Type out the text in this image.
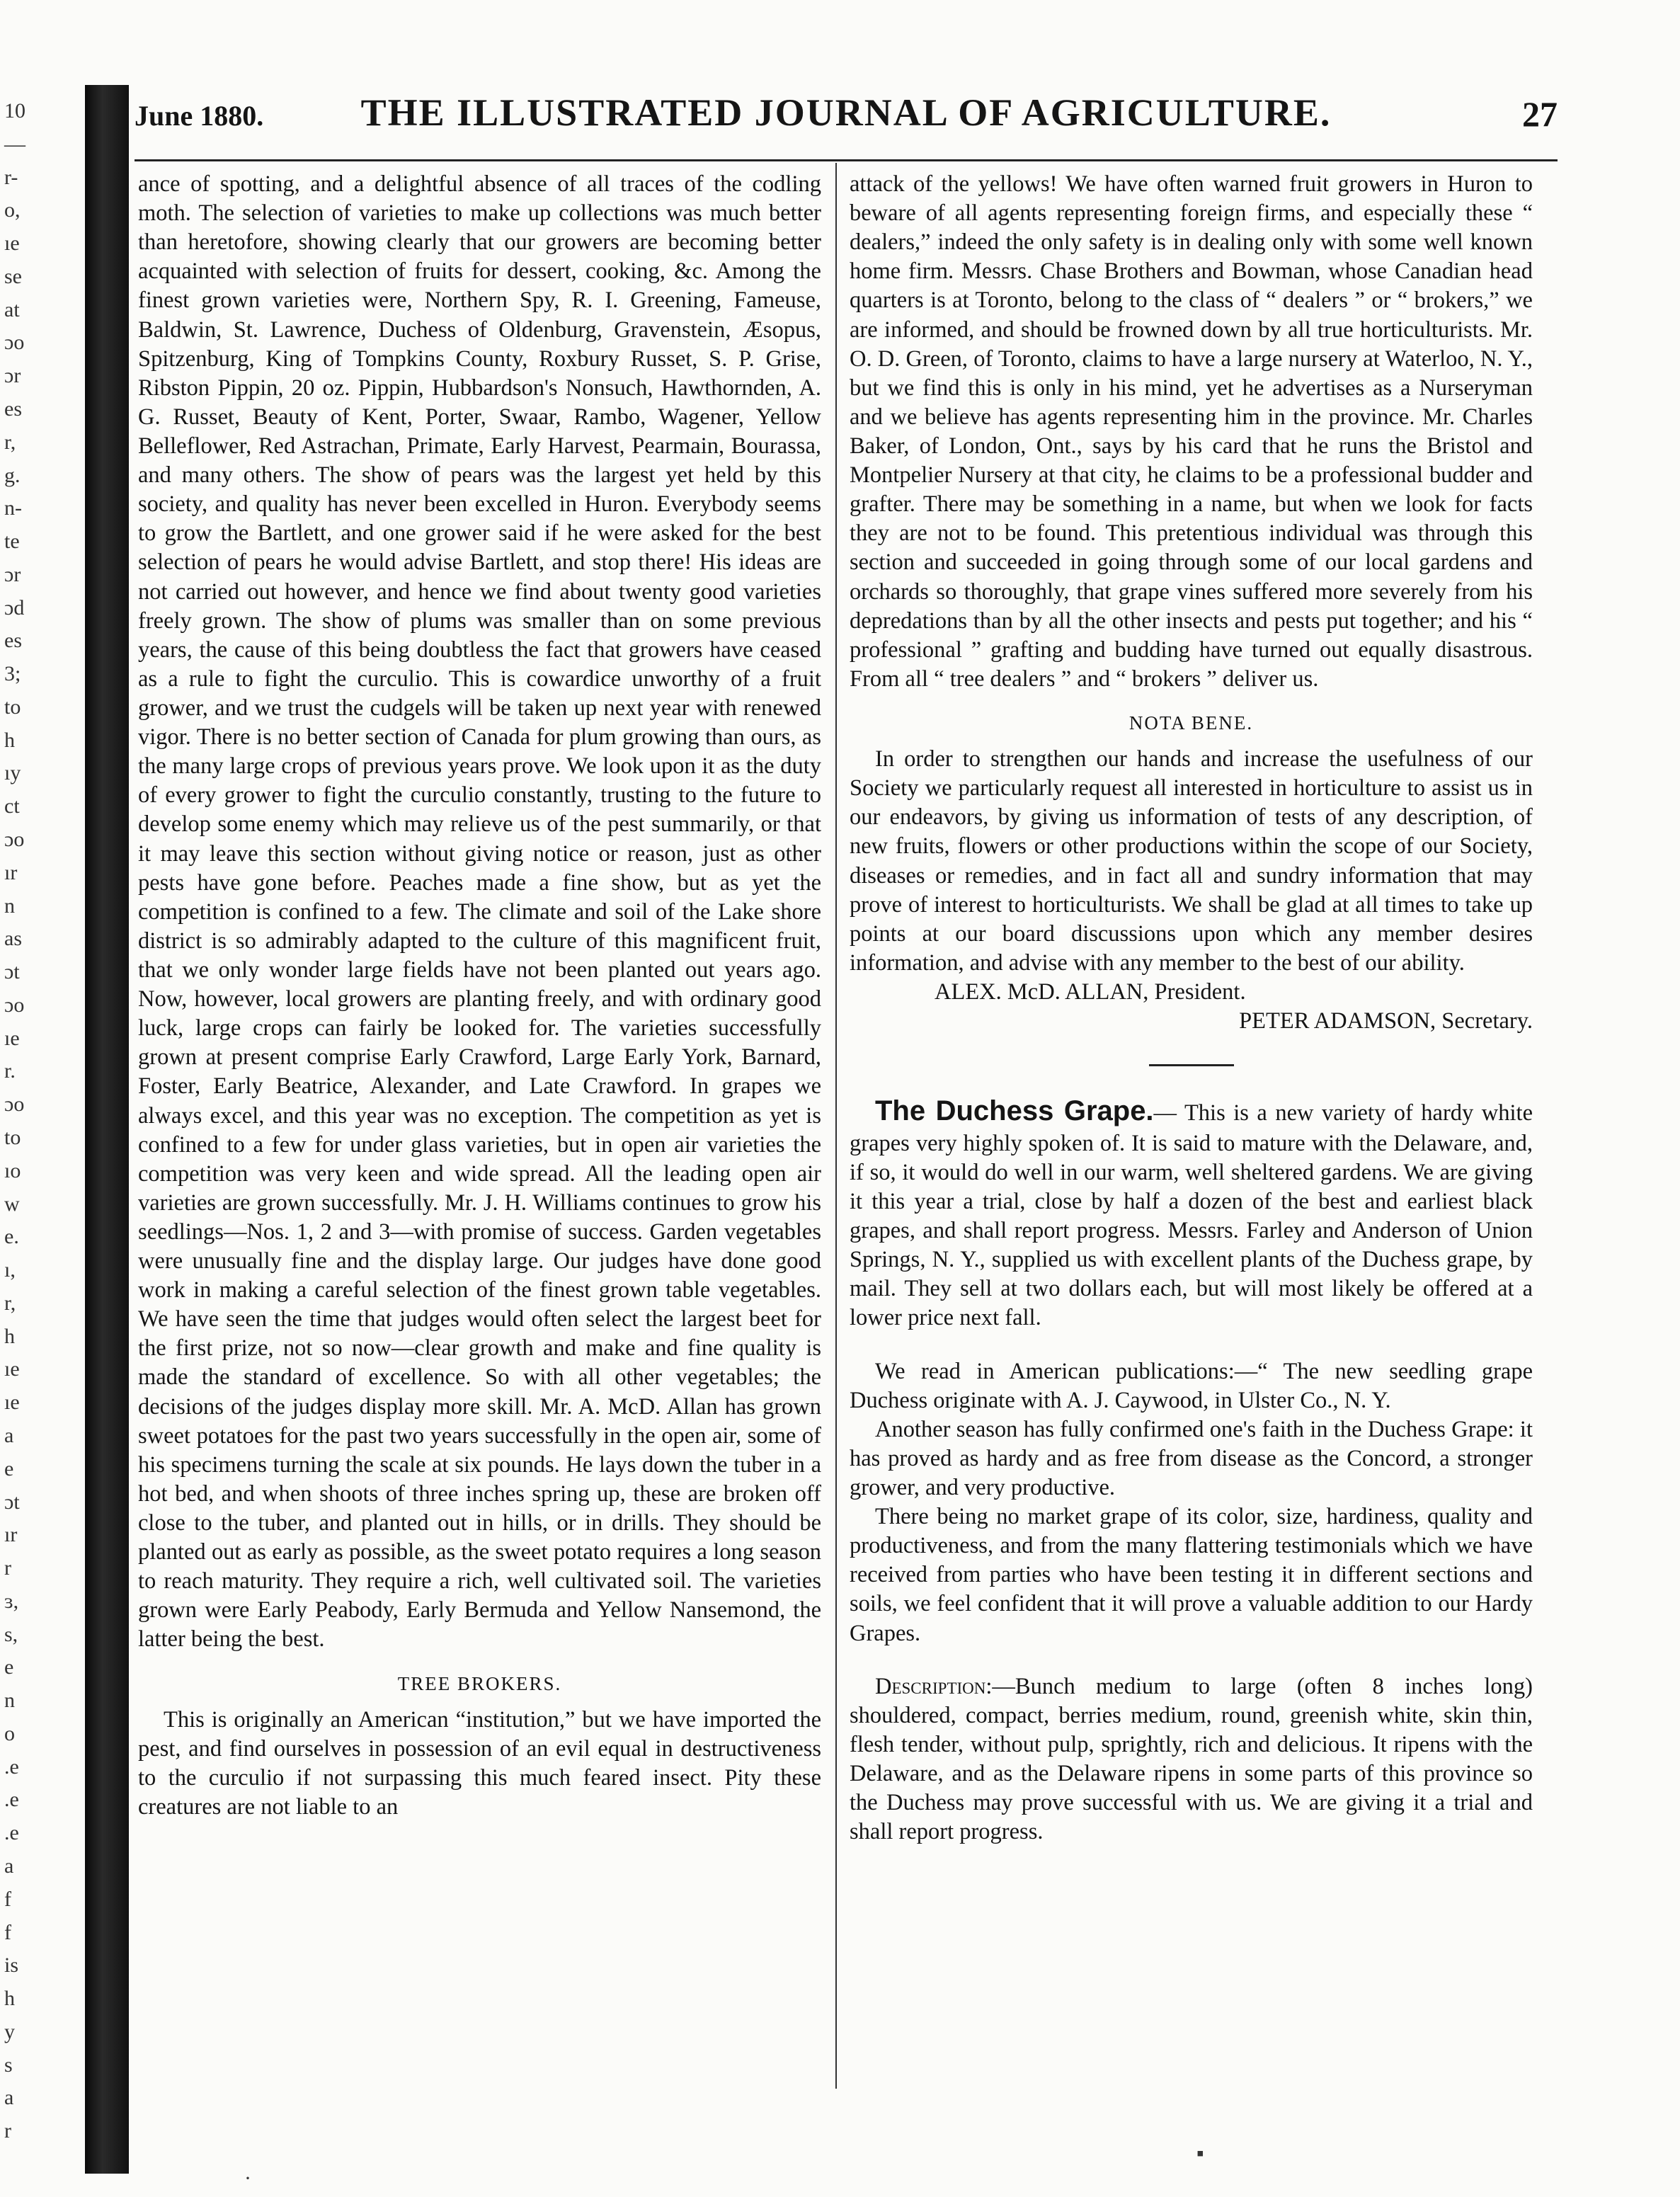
10
—
r-
o,
ıe
se
at
ɔo
ɔr
es
r,
g.
n-
te
ɔr
ɔd
es
3;
to
h
ıy
ct
ɔo
ır
n
as
ɔt
ɔo
ıe
r.
ɔo
to
ıo
w
e.
ı,
r,
h
ıe
ıe
a
e
ɔt
ır
r
ɜ,
s,
e
n
o
.e
.e
.e
a
f
f
is
h
y
s
a
r
June 1880.	THE ILLUSTRATED JOURNAL OF AGRICULTURE.	27

ance of spotting, and a delightful absence of all traces of the codling moth. The selection of varieties to make up collections was much better than heretofore, showing clearly that our growers are becoming better acquainted with selection of fruits for dessert, cooking, &c. Among the finest grown varieties were, Northern Spy, R. I. Greening, Fameuse, Baldwin, St. Lawrence, Duchess of Oldenburg, Gravenstein, Æsopus, Spitzenburg, King of Tompkins County, Roxbury Russet, S. P. Grise, Ribston Pippin, 20 oz. Pippin, Hubbardson's Nonsuch, Hawthornden, A. G. Russet, Beauty of Kent, Porter, Swaar, Rambo, Wagener, Yellow Belleflower, Red Astrachan, Primate, Early Harvest, Pearmain, Bourassa, and many others. The show of pears was the largest yet held by this society, and quality has never been excelled in Huron. Everybody seems to grow the Bartlett, and one grower said if he were asked for the best selection of pears he would advise Bartlett, and stop there! His ideas are not carried out however, and hence we find about twenty good varieties freely grown. The show of plums was smaller than on some previous years, the cause of this being doubtless the fact that growers have ceased as a rule to fight the curculio. This is cowardice unworthy of a fruit grower, and we trust the cudgels will be taken up next year with renewed vigor. There is no better section of Canada for plum growing than ours, as the many large crops of previous years prove. We look upon it as the duty of every grower to fight the curculio constantly, trusting to the future to develop some enemy which may relieve us of the pest summarily, or that it may leave this section without giving notice or reason, just as other pests have gone before. Peaches made a fine show, but as yet the competition is confined to a few. The climate and soil of the Lake shore district is so admirably adapted to the culture of this magnificent fruit, that we only wonder large fields have not been planted out years ago. Now, however, local growers are planting freely, and with ordinary good luck, large crops can fairly be looked for. The varieties successfully grown at present comprise Early Crawford, Large Early York, Barnard, Foster, Early Beatrice, Alexander, and Late Crawford. In grapes we always excel, and this year was no exception. The competition as yet is confined to a few for under glass varieties, but in open air varieties the competition was very keen and wide spread. All the leading open air varieties are grown successfully. Mr. J. H. Williams continues to grow his seedlings—Nos. 1, 2 and 3—with promise of success. Garden vegetables were unusually fine and the display large. Our judges have done good work in making a careful selection of the finest grown table vegetables. We have seen the time that judges would often select the largest beet for the first prize, not so now—clear growth and make and fine quality is made the standard of excellence. So with all other vegetables; the decisions of the judges display more skill. Mr. A. McD. Allan has grown sweet potatoes for the past two years successfully in the open air, some of his specimens turning the scale at six pounds. He lays down the tuber in a hot bed, and when shoots of three inches spring up, these are broken off close to the tuber, and planted out in hills, or in drills. They should be planted out as early as possible, as the sweet potato requires a long season to reach maturity. They require a rich, well cultivated soil. The varieties grown were Early Peabody, Early Bermuda and Yellow Nansemond, the latter being the best.

TREE BROKERS.

This is originally an American “institution,” but we have imported the pest, and find ourselves in possession of an evil equal in destructiveness to the curculio if not surpassing this much feared insect. Pity these creatures are not liable to an

attack of the yellows! We have often warned fruit growers in Huron to beware of all agents representing foreign firms, and especially these “ dealers,” indeed the only safety is in dealing only with some well known home firm. Messrs. Chase Brothers and Bowman, whose Canadian head quarters is at Toronto, belong to the class of “ dealers ” or “ brokers,” we are informed, and should be frowned down by all true horticulturists. Mr. O. D. Green, of Toronto, claims to have a large nursery at Waterloo, N. Y., but we find this is only in his mind, yet he advertises as a Nurseryman and we believe has agents representing him in the province. Mr. Charles Baker, of London, Ont., says by his card that he runs the Bristol and Montpelier Nursery at that city, he claims to be a professional budder and grafter. There may be something in a name, but when we look for facts they are not to be found. This pretentious individual was through this section and succeeded in going through some of our local gardens and orchards so thoroughly, that grape vines suffered more severely from his depredations than by all the other insects and pests put together; and his “ professional ” grafting and budding have turned out equally disastrous. From all “ tree dealers ” and “ brokers ” deliver us.

NOTA BENE.

In order to strengthen our hands and increase the usefulness of our Society we particularly request all interested in horticulture to assist us in our endeavors, by giving us information of tests of any description, of new fruits, flowers or other productions within the scope of our Society, diseases or remedies, and in fact all and sundry information that may prove of interest to horticulturists. We shall be glad at all times to take up points at our board discussions upon which any member desires information, and advise with any member to the best of our ability.

ALEX. McD. ALLAN, President.

PETER ADAMSON, Secretary.

The Duchess Grape.— This is a new variety of hardy white grapes very highly spoken of. It is said to mature with the Delaware, and, if so, it would do well in our warm, well sheltered gardens. We are giving it this year a trial, close by half a dozen of the best and earliest black grapes, and shall report progress. Messrs. Farley and Anderson of Union Springs, N. Y., supplied us with excellent plants of the Duchess grape, by mail. They sell at two dollars each, but will most likely be offered at a lower price next fall.

We read in American publications:—“ The new seedling grape Duchess originate with A. J. Caywood, in Ulster Co., N. Y.

Another season has fully confirmed one's faith in the Duchess Grape: it has proved as hardy and as free from disease as the Concord, a stronger grower, and very productive.

There being no market grape of its color, size, hardiness, quality and productiveness, and from the many flattering testimonials which we have received from parties who have been testing it in different sections and soils, we feel confident that it will prove a valuable addition to our Hardy Grapes.

Description:—Bunch medium to large (often 8 inches long) shouldered, compact, berries medium, round, greenish white, skin thin, flesh tender, without pulp, sprightly, rich and delicious. It ripens with the Delaware, and as the Delaware ripens in some parts of this province so the Duchess may prove successful with us. We are giving it a trial and shall report progress.

▪
·
